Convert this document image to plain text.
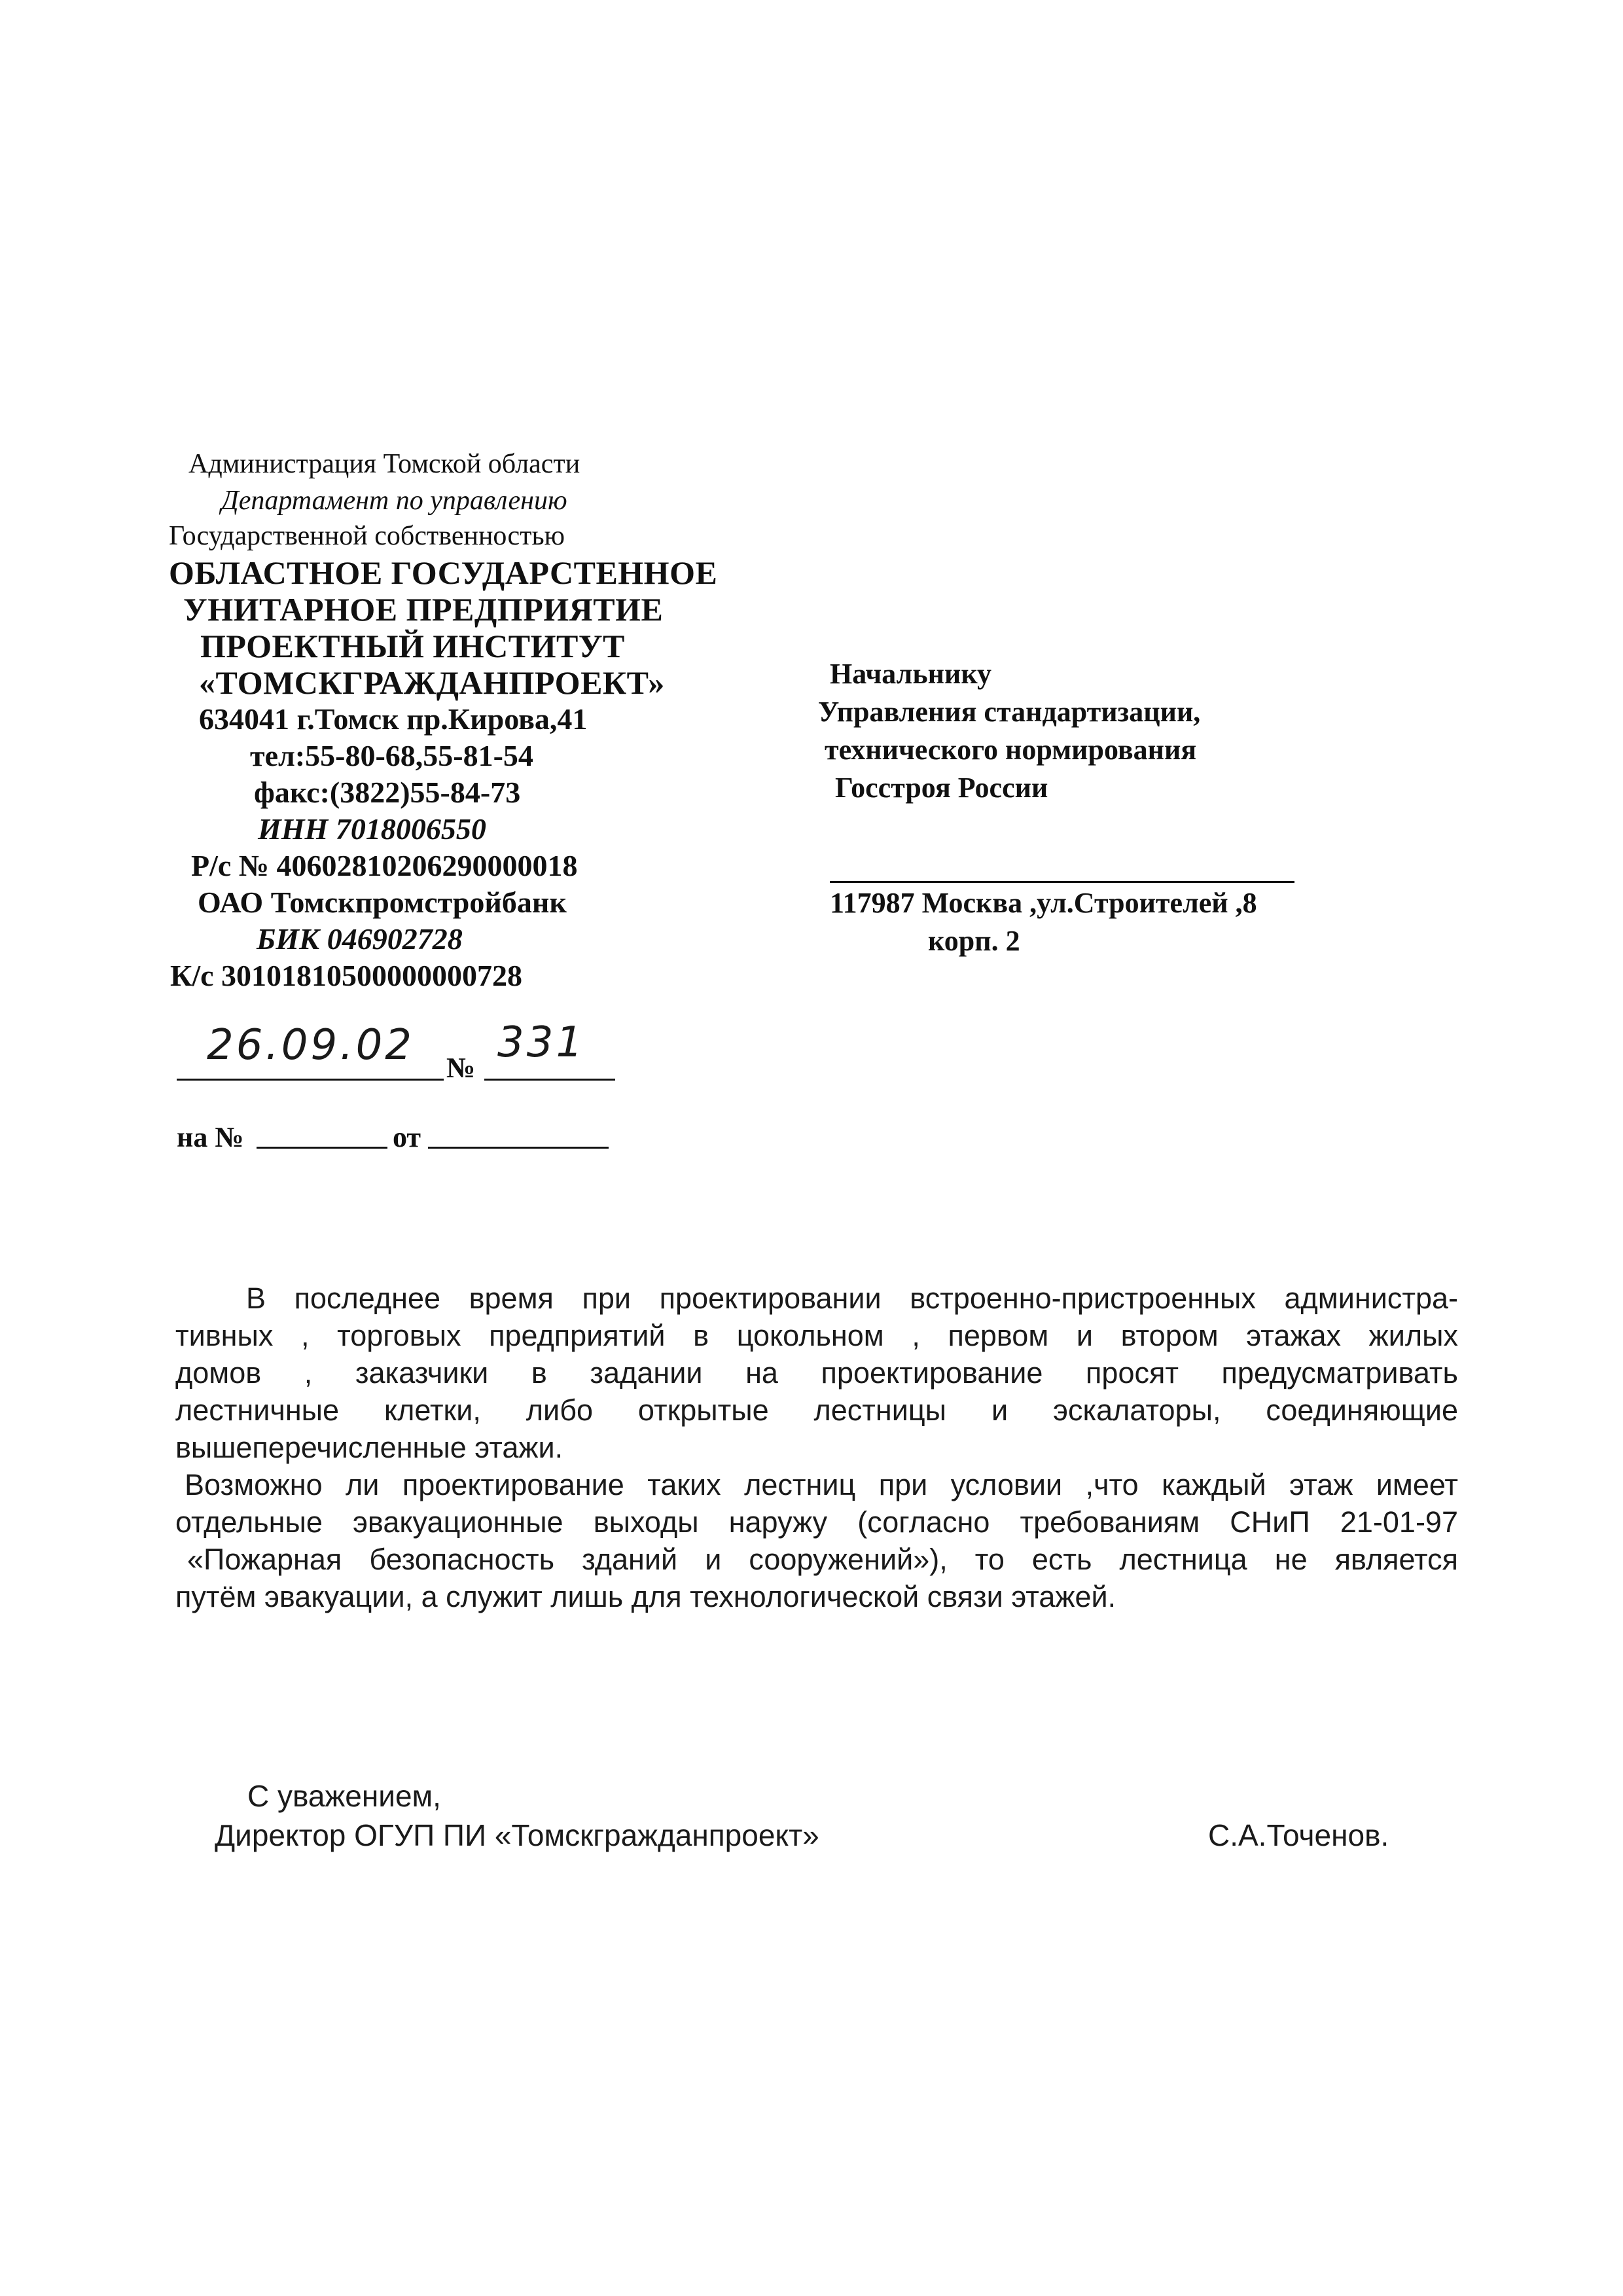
Администрация Томской области
Департамент по управлению
Государственной собственностью
ОБЛАСТНОЕ ГОСУДАРСТЕННОЕ
УНИТАРНОЕ ПРЕДПРИЯТИЕ
ПРОЕКТНЫЙ ИНСТИТУТ
«ТОМСКГРАЖДАНПРОЕКТ»
634041 г.Томск пр.Кирова,41
тел:55-80-68,55-81-54
факс:(3822)55-84-73
ИНН 7018006550
Р/с № 40602810206290000018
ОАО Томскпромстройбанк
БИК 046902728
К/с 30101810500000000728
Начальнику
Управления стандартизации,
технического нормирования
Госстроя России
117987 Москва ,ул.Строителей ,8
корп. 2
26.09.02 №
331
на №	от
В последнее время при проектировании встроенно-пристроенных администра-
тивных , торговых предприятий в цокольном , первом и втором этажах жилых
домов , заказчики в задании на проектирование просят предусматривать
лестничные клетки, либо открытые лестницы и эскалаторы, соединяющие
вышеперечисленные этажи.
Возможно ли проектирование таких лестниц при условии ,что каждый этаж имеет
отдельные эвакуационные выходы наружу (согласно требованиям СНиП 21-01-97
«Пожарная безопасность зданий и сооружений»), то есть лестница не является
путём эвакуации, а служит лишь для технологической связи этажей.
С уважением,
Директор ОГУП ПИ «Томскгражданпроект»	С.А.Точенов.
